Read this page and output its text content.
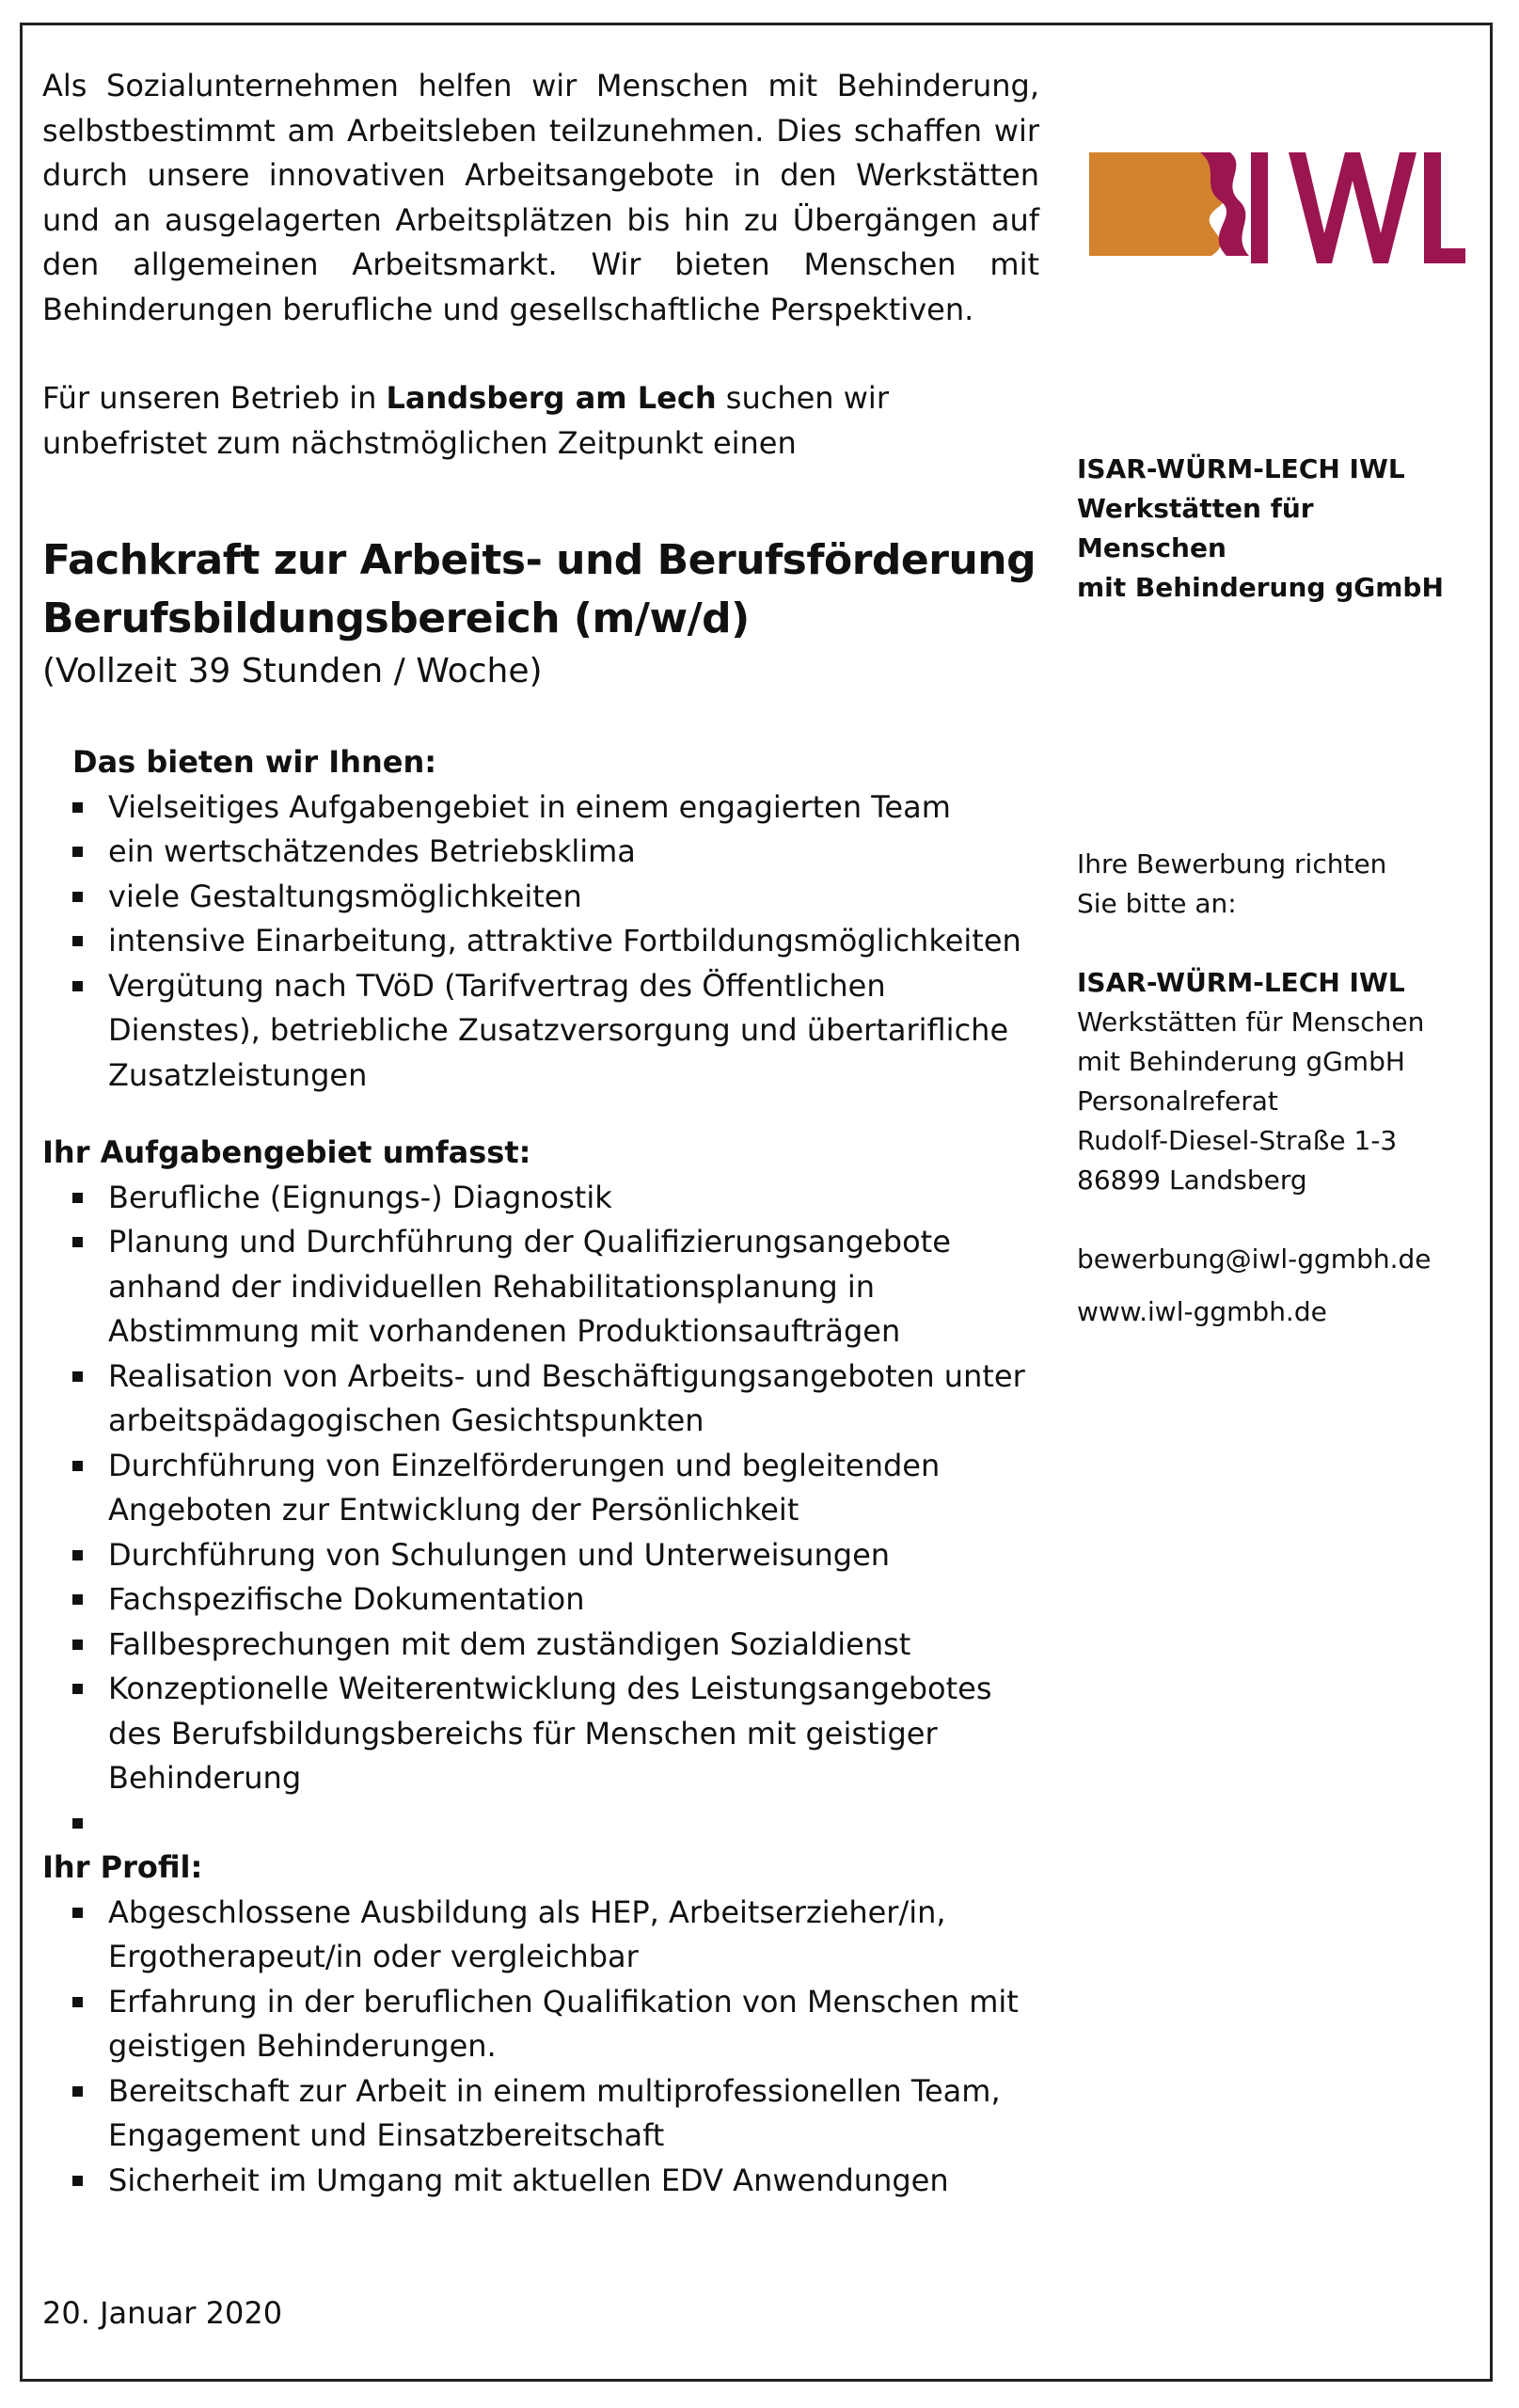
Als Sozialunternehmen helfen wir Menschen mit Behinderung, selbstbestimmt am Arbeitsleben teilzunehmen. Dies schaffen wir durch unsere innovativen Arbeitsangebote in den Werkstätten und an ausgelagerten Arbeitsplätzen bis hin zu Übergängen auf den allgemeinen Arbeitsmarkt. Wir bieten Menschen mit Behinderungen berufliche und gesellschaftliche Perspektiven.

Für unseren Betrieb in Landsberg am Lech suchen wir unbefristet zum nächstmöglichen Zeitpunkt einen

Fachkraft zur Arbeits- und Berufsförderung
Berufsbildungsbereich (m/w/d)

(Vollzeit 39 Stunden / Woche)

Das bieten wir Ihnen:

Vielseitiges Aufgabengebiet in einem engagierten Team
ein wertschätzendes Betriebsklima
viele Gestaltungsmöglichkeiten
intensive Einarbeitung, attraktive Fortbildungsmöglichkeiten
Vergütung nach TVöD (Tarifvertrag des Öffentlichen Dienstes), betriebliche Zusatzversorgung und übertarifliche Zusatzleistungen

Ihr Aufgabengebiet umfasst:

Berufliche (Eignungs-) Diagnostik
Planung und Durchführung der Qualifizierungsangebote anhand der individuellen Rehabilitationsplanung in Abstimmung mit vorhandenen Produktionsaufträgen
Realisation von Arbeits- und Beschäftigungsangeboten unter arbeitspädagogischen Gesichtspunkten
Durchführung von Einzelförderungen und begleitenden Angeboten zur Entwicklung der Persönlichkeit
Durchführung von Schulungen und Unterweisungen
Fachspezifische Dokumentation
Fallbesprechungen mit dem zuständigen Sozialdienst
Konzeptionelle Weiterentwicklung des Leistungsangebotes des Berufsbildungsbereichs für Menschen mit geistiger Behinderung

Ihr Profil:

Abgeschlossene Ausbildung als HEP, Arbeitserzieher/in, Ergotherapeut/in oder vergleichbar
Erfahrung in der beruflichen Qualifikation von Menschen mit geistigen Behinderungen.
Bereitschaft zur Arbeit in einem multiprofessionellen Team, Engagement und Einsatzbereitschaft
Sicherheit im Umgang mit aktuellen EDV Anwendungen
20. Januar 2020

ISAR-WÜRM-LECH IWL

Werkstätten für Menschen

mit Behinderung gGmbH

Ihre Bewerbung richten

Sie bitte an:

ISAR-WÜRM-LECH IWL

Werkstätten für Menschen

mit Behinderung gGmbH

Personalreferat

Rudolf-Diesel-Straße 1-3

86899 Landsberg

bewerbung@iwl-ggmbh.de

www.iwl-ggmbh.de
